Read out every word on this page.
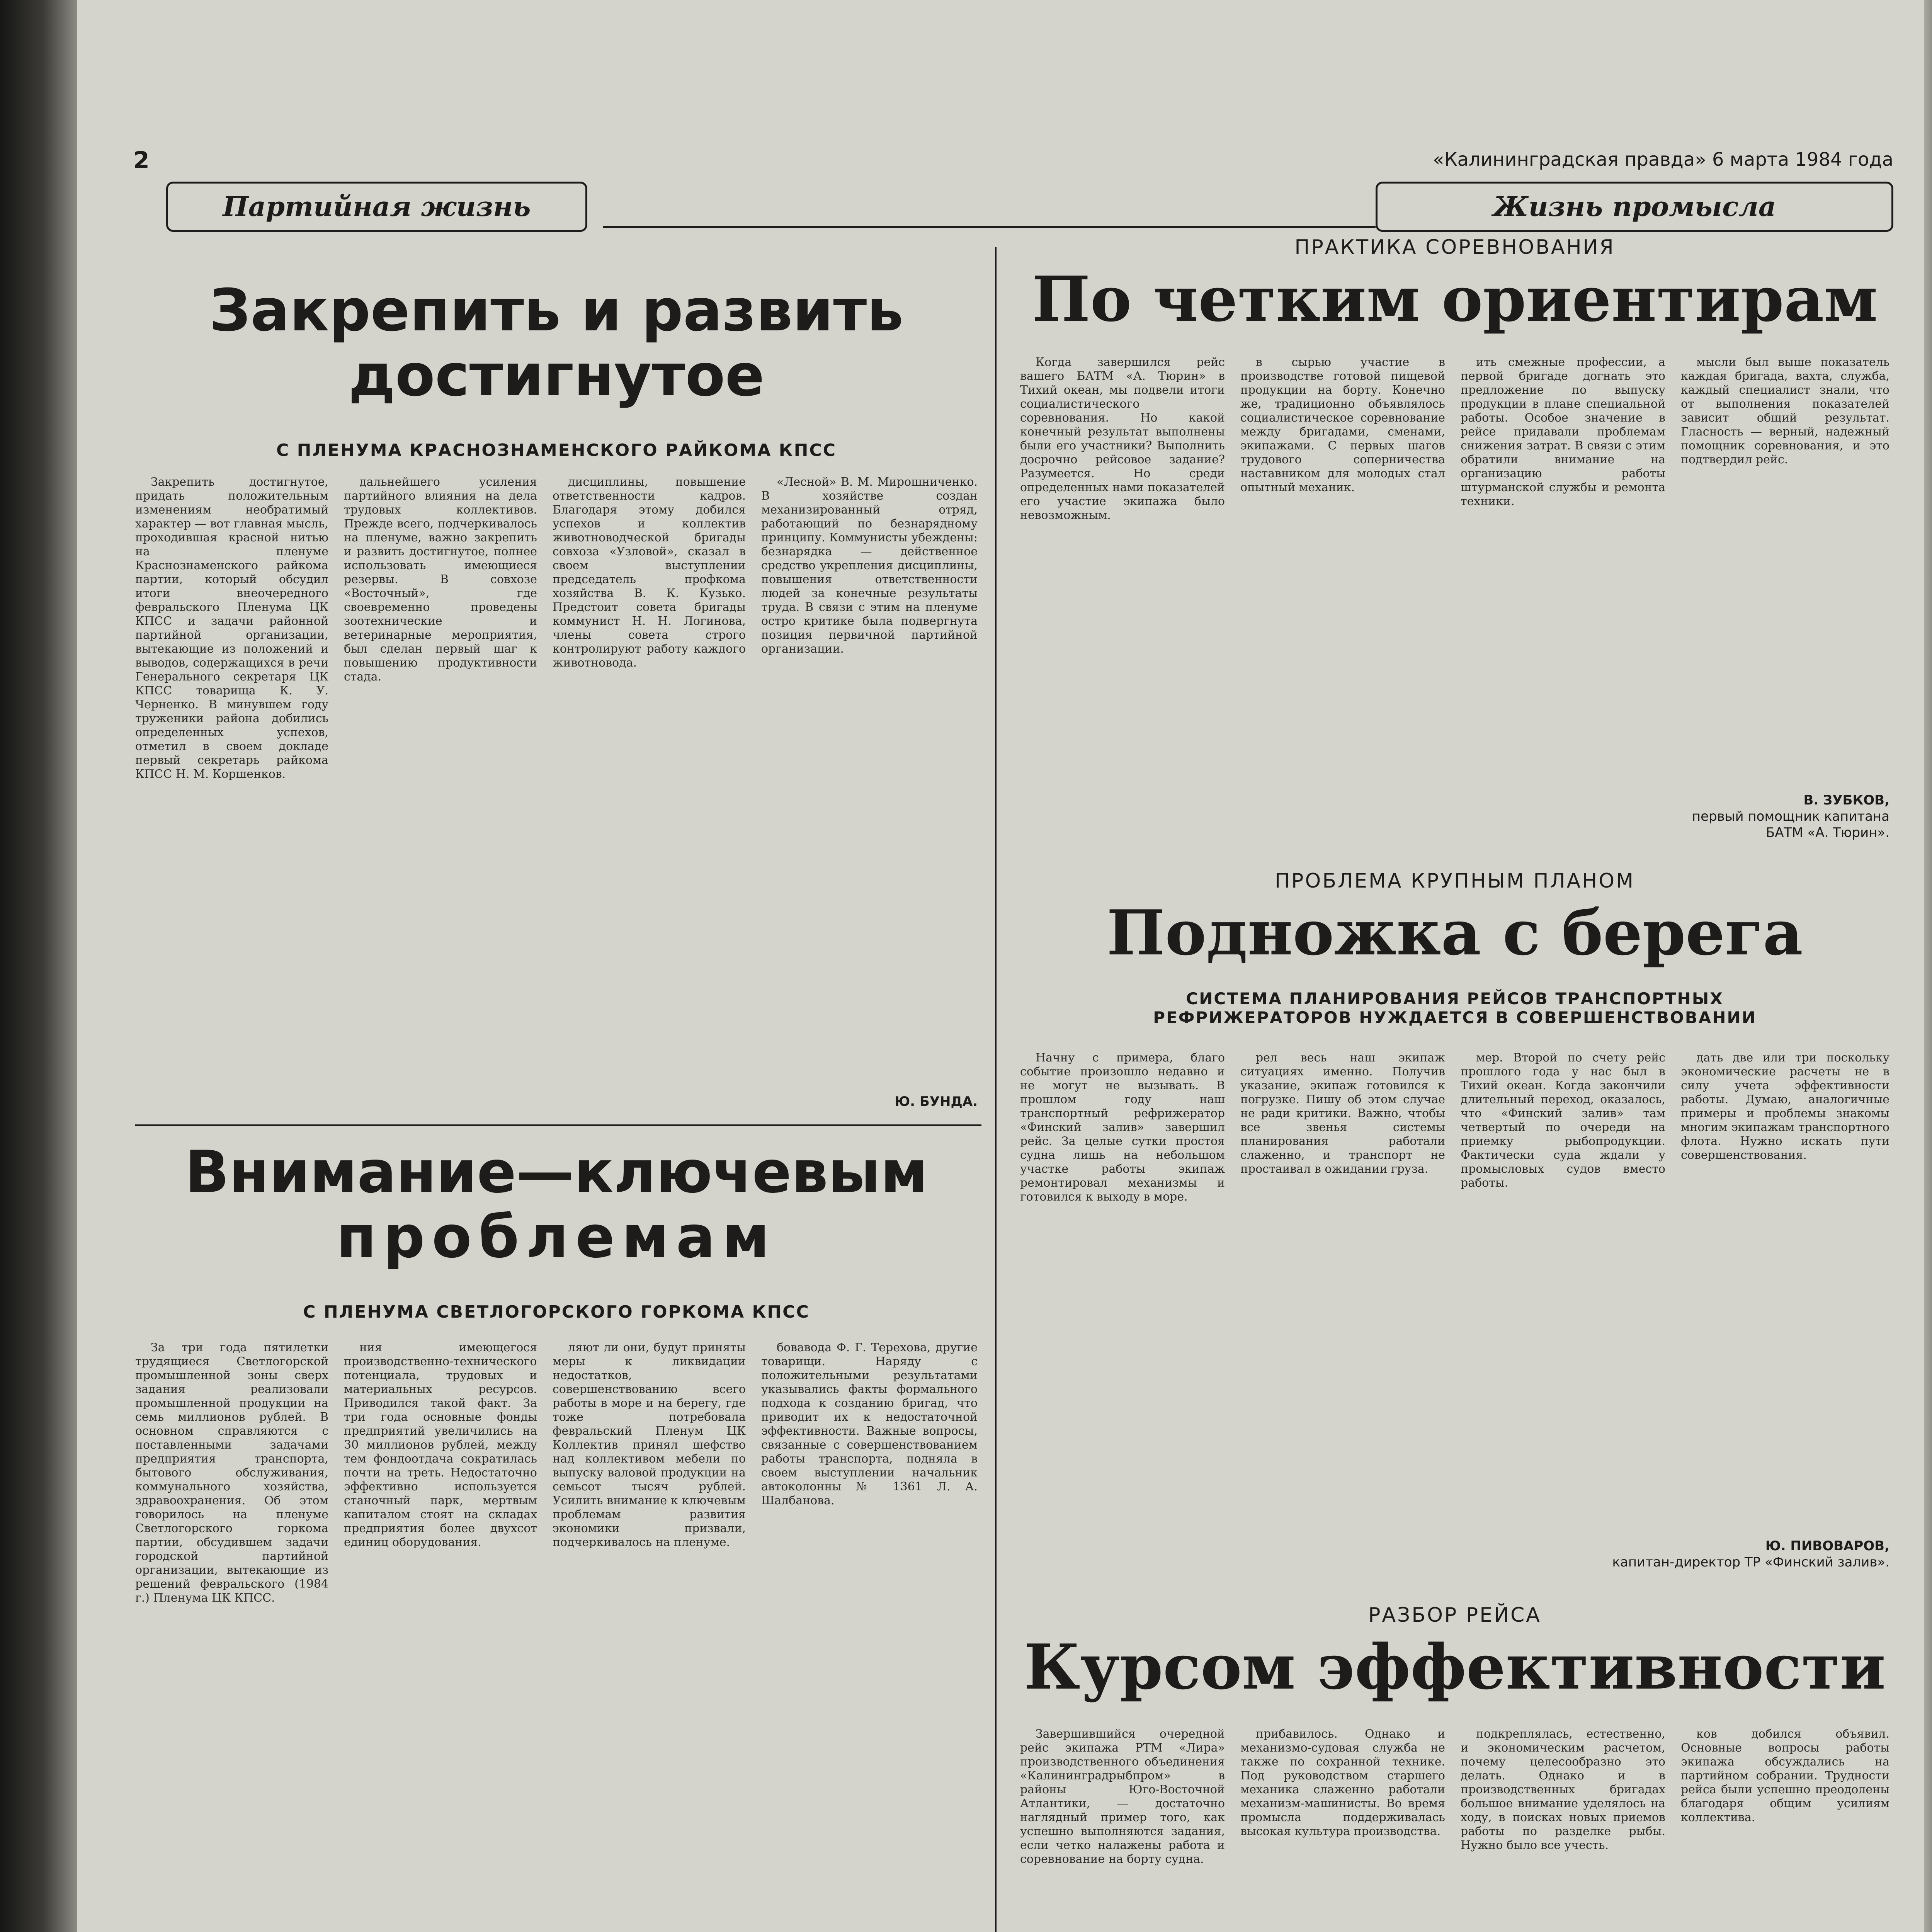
2	«Калининградская правда» 6 марта 1984 года
Партийная жизнь	Жизнь промысла
Закрепить и развить
достигнутое
С ПЛЕНУМА КРАСНОЗНАМЕНСКОГО РАЙКОМА КПСС

Закрепить достигнутое, придать положительным изменениям необратимый характер — вот главная мысль, проходившая красной нитью на пленуме Краснознаменского райкома партии, который обсудил итоги внеочередного февральского Пленума ЦК КПСС и задачи районной партийной организации, вытекающие из положений и выводов, содержащихся в речи Генерального секретаря ЦК КПСС товарища К. У. Черненко. В минувшем году труженики района добились определенных успехов, отметил в своем докладе первый секретарь райкома КПСС Н. М. Коршенков.

дальнейшего усиления партийного влияния на дела трудовых коллективов. Прежде всего, подчеркивалось на пленуме, важно закрепить и развить достигнутое, полнее использовать имеющиеся резервы. В совхозе «Восточный», где своевременно проведены зоотехнические и ветеринарные мероприятия, был сделан первый шаг к повышению продуктивности стада.

дисциплины, повышение ответственности кадров. Благодаря этому добился успехов и коллектив животноводческой бригады совхоза «Узловой», сказал в своем выступлении председатель профкома хозяйства В. К. Кузько. Предстоит совета бригады коммунист Н. Н. Логинова, члены совета строго контролируют работу каждого животновода.

«Лесной» В. М. Мирошниченко. В хозяйстве создан механизированный отряд, работающий по безнарядному принципу. Коммунисты убеждены: безнарядка — действенное средство укрепления дисциплины, повышения ответственности людей за конечные результаты труда. В связи с этим на пленуме остро критике была подвергнута позиция первичной партийной организации.

Ю. БУНДА.
Внимание—ключевым
проблемам
С ПЛЕНУМА СВЕТЛОГОРСКОГО ГОРКОМА КПСС

За три года пятилетки трудящиеся Светлогорской промышленной зоны сверх задания реализовали промышленной продукции на семь миллионов рублей. В основном справляются с поставленными задачами предприятия транспорта, бытового обслуживания, коммунального хозяйства, здравоохранения. Об этом говорилось на пленуме Светлогорского горкома партии, обсудившем задачи городской партийной организации, вытекающие из решений февральского (1984 г.) Пленума ЦК КПСС.

ния имеющегося производственно-технического потенциала, трудовых и материальных ресурсов. Приводился такой факт. За три года основные фонды предприятий увеличились на 30 миллионов рублей, между тем фондоотдача сократилась почти на треть. Недостаточно эффективно используется станочный парк, мертвым капиталом стоят на складах предприятия более двухсот единиц оборудования.

ляют ли они, будут приняты меры к ликвидации недостатков, совершенствованию всего работы в море и на берегу, где тоже потребовала февральский Пленум ЦК Коллектив принял шефство над коллективом мебели по выпуску валовой продукции на семьсот тысяч рублей. Усилить внимание к ключевым проблемам развития экономики призвали, подчеркивалось на пленуме.

бовавода Ф. Г. Терехова, другие товарищи. Наряду с положительными результатами указывались факты формального подхода к созданию бригад, что приводит их к недостаточной эффективности. Важные вопросы, связанные с совершенствованием работы транспорта, подняла в своем выступлении начальник автоколонны № 1361 Л. А. Шалбанова.

ПРАКТИКА СОРЕВНОВАНИЯ
По четким ориентирам

Когда завершился рейс вашего БАТМ «А. Тюрин» в Тихий океан, мы подвели итоги социалистического соревнования. Но какой конечный результат выполнены были его участники? Выполнить досрочно рейсовое задание? Разумеется. Но среди определенных нами показателей его участие экипажа было невозможным.

в сырью участие в производстве готовой пищевой продукции на борту. Конечно же, традиционно объявлялось социалистическое соревнование между бригадами, сменами, экипажами. С первых шагов трудового соперничества наставником для молодых стал опытный механик.

ить смежные профессии, а первой бригаде догнать это предложение по выпуску продукции в плане специальной работы. Особое значение в рейсе придавали проблемам снижения затрат. В связи с этим обратили внимание на организацию работы штурманской службы и ремонта техники.

мысли был выше показатель каждая бригада, вахта, служба, каждый специалист знали, что от выполнения показателей зависит общий результат. Гласность — верный, надежный помощник соревнования, и это подтвердил рейс.

В. ЗУБКОВ,
первый помощник капитана БАТМ «А. Тюрин».
ПРОБЛЕМА КРУПНЫМ ПЛАНОМ
Подножка с берега
СИСТЕМА ПЛАНИРОВАНИЯ РЕЙСОВ ТРАНСПОРТНЫХ
РЕФРИЖЕРАТОРОВ НУЖДАЕТСЯ В СОВЕРШЕНСТВОВАНИИ

Начну с примера, благо событие произошло недавно и не могут не вызывать. В прошлом году наш транспортный рефрижератор «Финский залив» завершил рейс. За целые сутки простоя судна лишь на небольшом участке работы экипаж ремонтировал механизмы и готовился к выходу в море.

рел весь наш экипаж ситуациях именно. Получив указание, экипаж готовился к погрузке. Пишу об этом случае не ради критики. Важно, чтобы все звенья системы планирования работали слаженно, и транспорт не простаивал в ожидании груза.

мер. Второй по счету рейс прошлого года у нас был в Тихий океан. Когда закончили длительный переход, оказалось, что «Финский залив» там четвертый по очереди на приемку рыбопродукции. Фактически суда ждали у промысловых судов вместо работы.

дать две или три поскольку экономические расчеты не в силу учета эффективности работы. Думаю, аналогичные примеры и проблемы знакомы многим экипажам транспортного флота. Нужно искать пути совершенствования.

Ю. ПИВОВАРОВ,
капитан-директор ТР «Финский залив».
РАЗБОР РЕЙСА
Курсом эффективности

Завершившийся очередной рейс экипажа РТМ «Лира» производственного объединения «Калининградрыбпром» в районы Юго-Восточной Атлантики, — достаточно наглядный пример того, как успешно выполняются задания, если четко налажены работа и соревнование на борту судна.

прибавилось. Однако и механизмо-судовая служба не также по сохранной технике. Под руководством старшего механика слаженно работали механизм-машинисты. Во время промысла поддерживалась высокая культура производства.

подкреплялась, естественно, и экономическим расчетом, почему целесообразно это делать. Однако и в производственных бригадах большое внимание уделялось на ходу, в поисках новых приемов работы по разделке рыбы. Нужно было все учесть.

ков добился объявил. Основные вопросы работы экипажа обсуждались на партийном собрании. Трудности рейса были успешно преодолены благодаря общим усилиям коллектива.
